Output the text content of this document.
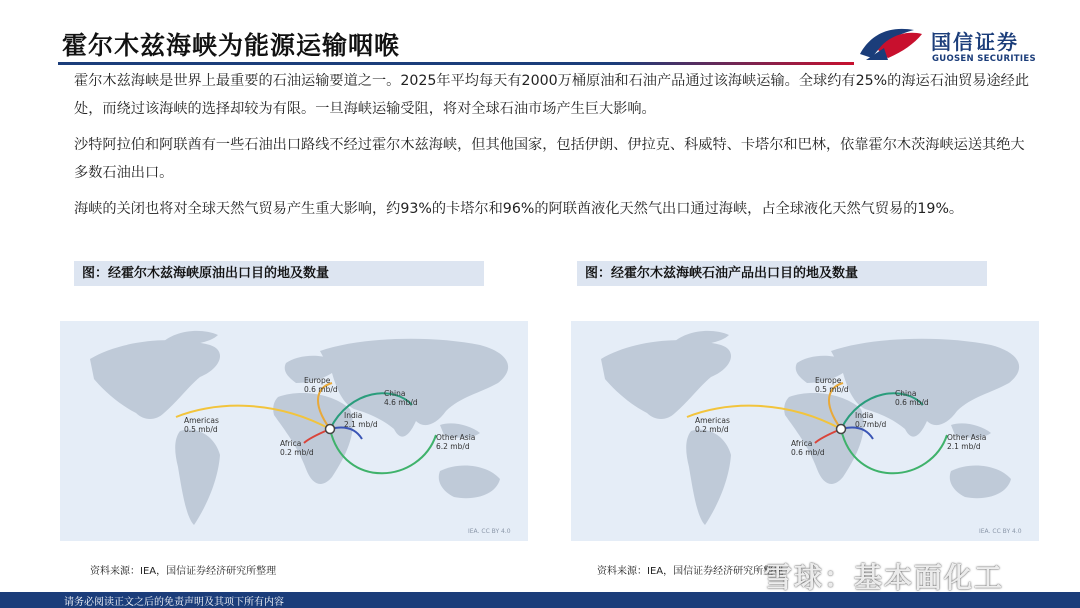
霍尔木兹海峡为能源运输咽喉	国信证券
GUOSEN SECURITIES

霍尔木兹海峡是世界上最重要的石油运输要道之一。2025年平均每天有2000万桶原油和石油产品通过该海峡运输。全球约有25%的海运石油贸易途经此处，而绕过该海峡的选择却较为有限。一旦海峡运输受阻，将对全球石油市场产生巨大影响。

沙特阿拉伯和阿联酋有一些石油出口路线不经过霍尔木兹海峡，但其他国家，包括伊朗、伊拉克、科威特、卡塔尔和巴林，依靠霍尔木茨海峡运送其绝大多数石油出口。

海峡的关闭也将对全球天然气贸易产生重大影响，约93%的卡塔尔和96%的阿联酋液化天然气出口通过海峡，占全球液化天然气贸易的19%。

图：经霍尔木兹海峡原油出口目的地及数量	图：经霍尔木兹海峡石油产品出口目的地及数量
Europe
0.6 mb/d	China
4.6 mb/d
Americas
0.5 mb/d
India
2.1 mb/d
Africa
0.2 mb/d
Other Asia
6.2 mb/d
IEA. CC BY 4.0
Europe
0.5 mb/d	China
0.6 mb/d
Americas
0.2 mb/d
India
0.7mb/d
Africa
0.6 mb/d
Other Asia
2.1 mb/d
IEA. CC BY 4.0
资料来源：IEA，国信证券经济研究所整理	资料来源：IEA，国信证券经济研究所整理
请务必阅读正文之后的免责声明及其项下所有内容
雪球：基本面化工
